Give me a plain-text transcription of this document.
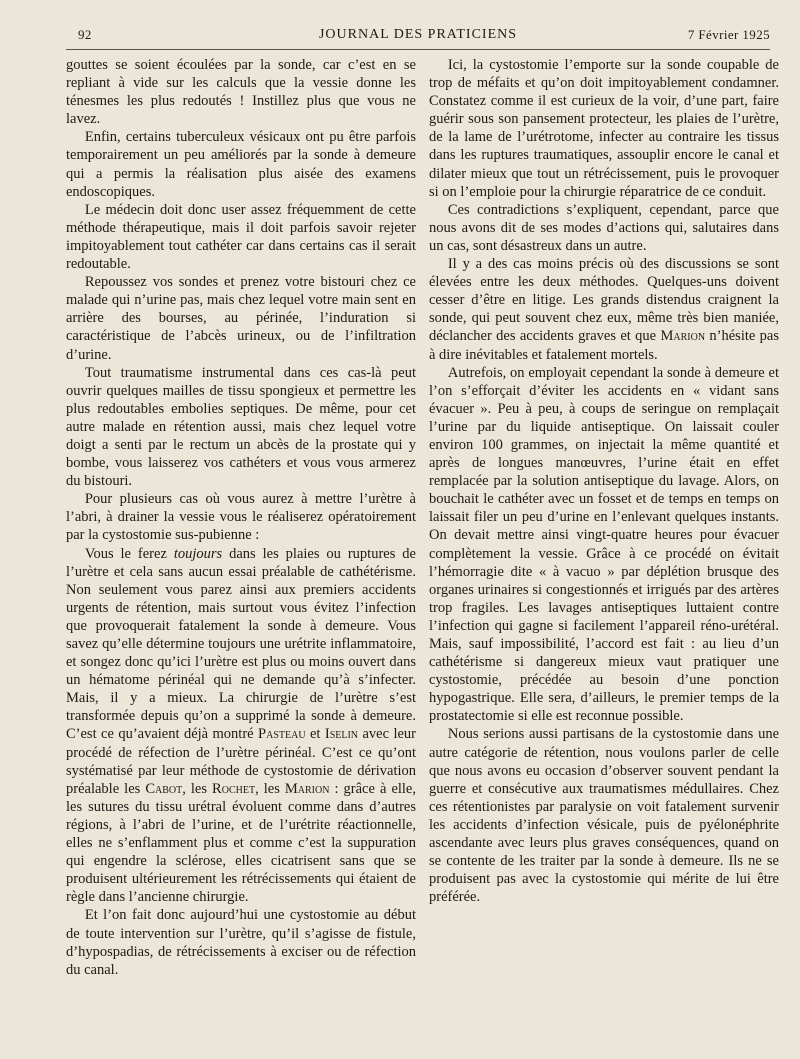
JOURNAL DES PRATICIENS
92	7 Février 1925

gouttes se soient écoulées par la sonde, car c’est en se repliant à vide sur les calculs que la vessie donne les ténesmes les plus redoutés ! Instillez plus que vous ne lavez.

Enfin, certains tuberculeux vésicaux ont pu être parfois temporairement un peu améliorés par la sonde à demeure qui a permis la réalisation plus aisée des examens endoscopiques.

Le médecin doit donc user assez fréquemment de cette méthode thérapeutique, mais il doit parfois savoir rejeter impitoyablement tout cathéter car dans certains cas il serait redoutable.

Repoussez vos sondes et prenez votre bistouri chez ce malade qui n’urine pas, mais chez lequel votre main sent en arrière des bourses, au périnée, l’induration si caractéristique de l’abcès urineux, ou de l’infiltration d’urine.

Tout traumatisme instrumental dans ces cas-là peut ouvrir quelques mailles de tissu spongieux et permettre les plus redoutables embolies septiques. De même, pour cet autre malade en rétention aussi, mais chez lequel votre doigt a senti par le rectum un abcès de la prostate qui y bombe, vous laisserez vos cathéters et vous vous armerez du bistouri.

Pour plusieurs cas où vous aurez à mettre l’urètre à l’abri, à drainer la vessie vous le réaliserez opératoirement par la cystostomie sus-pubienne :

Vous le ferez toujours dans les plaies ou ruptures de l’urètre et cela sans aucun essai préalable de cathétérisme. Non seulement vous parez ainsi aux premiers accidents urgents de rétention, mais surtout vous évitez l’infection que provoquerait fatalement la sonde à demeure. Vous savez qu’elle détermine toujours une urétrite inflammatoire, et songez donc qu’ici l’urètre est plus ou moins ouvert dans un hématome périnéal qui ne demande qu’à s’infecter. Mais, il y a mieux. La chirurgie de l’urètre s’est transformée depuis qu’on a supprimé la sonde à demeure. C’est ce qu’avaient déjà montré Pasteau et Iselin avec leur procédé de réfection de l’urètre périnéal. C’est ce qu’ont systématisé par leur méthode de cystostomie de dérivation préalable les Cabot, les Rochet, les Marion : grâce à elle, les sutures du tissu urétral évoluent comme dans d’autres régions, à l’abri de l’urine, et de l’urétrite réactionnelle, elles ne s’enflamment plus et comme c’est la suppuration qui engendre la sclérose, elles cicatrisent sans que se produisent ultérieurement les rétrécissements qui étaient de règle dans l’ancienne chirurgie.

Et l’on fait donc aujourd’hui une cystostomie au début de toute intervention sur l’urètre, qu’il s’agisse de fistule, d’hypospadias, de rétrécissements à exciser ou de réfection du canal.

Ici, la cystostomie l’emporte sur la sonde coupable de trop de méfaits et qu’on doit impitoyablement condamner. Constatez comme il est curieux de la voir, d’une part, faire guérir sous son pansement protecteur, les plaies de l’urètre, de la lame de l’urétrotome, infecter au contraire les tissus dans les ruptures traumatiques, assouplir encore le canal et dilater mieux que tout un rétrécissement, puis le provoquer si on l’emploie pour la chirurgie réparatrice de ce conduit.

Ces contradictions s’expliquent, cependant, parce que nous avons dit de ses modes d’actions qui, salutaires dans un cas, sont désastreux dans un autre.

Il y a des cas moins précis où des discussions se sont élevées entre les deux méthodes. Quelques-uns doivent cesser d’être en litige. Les grands distendus craignent la sonde, qui peut souvent chez eux, même très bien maniée, déclancher des accidents graves et que Marion n’hésite pas à dire inévitables et fatalement mortels.

Autrefois, on employait cependant la sonde à demeure et l’on s’efforçait d’éviter les accidents en « vidant sans évacuer ». Peu à peu, à coups de seringue on remplaçait l’urine par du liquide antiseptique. On laissait couler environ 100 grammes, on injectait la même quantité et après de longues manœuvres, l’urine était en effet remplacée par la solution antiseptique du lavage. Alors, on bouchait le cathéter avec un fosset et de temps en temps on laissait filer un peu d’urine en l’enlevant quelques instants. On devait mettre ainsi vingt-quatre heures pour évacuer complètement la vessie. Grâce à ce procédé on évitait l’hémorragie dite « à vacuo » par déplétion brusque des organes urinaires si congestionnés et irrigués par des artères trop fragiles. Les lavages antiseptiques luttaient contre l’infection qui gagne si facilement l’appareil réno-urétéral. Mais, sauf impossibilité, l’accord est fait : au lieu d’un cathétérisme si dangereux mieux vaut pratiquer une cystostomie, précédée au besoin d’une ponction hypogastrique. Elle sera, d’ailleurs, le premier temps de la prostatectomie si elle est reconnue possible.

Nous serions aussi partisans de la cystostomie dans une autre catégorie de rétention, nous voulons parler de celle que nous avons eu occasion d’observer souvent pendant la guerre et consécutive aux traumatismes médullaires. Chez ces rétentionistes par paralysie on voit fatalement survenir les accidents d’infection vésicale, puis de pyélonéphrite ascendante avec leurs plus graves conséquences, quand on se contente de les traiter par la sonde à demeure. Ils ne se produisent pas avec la cystostomie qui mérite de lui être préférée.
